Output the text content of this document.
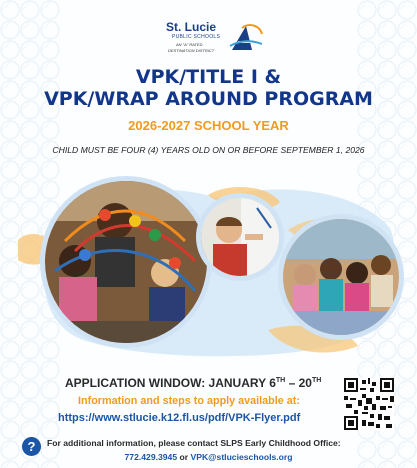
St. Lucie
PUBLIC SCHOOLS
AN "A" RATED
DESTINATION DISTRICT
VPK/TITLE I &
VPK/WRAP AROUND PROGRAM
2026-2027 SCHOOL YEAR
CHILD MUST BE FOUR (4) YEARS OLD ON OR BEFORE SEPTEMBER 1, 2026
APPLICATION WINDOW: JANUARY 6TH – 20TH
Information and steps to apply available at:
https://www.stlucie.k12.fl.us/pdf/VPK-Flyer.pdf
?	For additional information, please contact SLPS Early Childhood Office:
772.429.3945 or VPK@stlucieschools.org
